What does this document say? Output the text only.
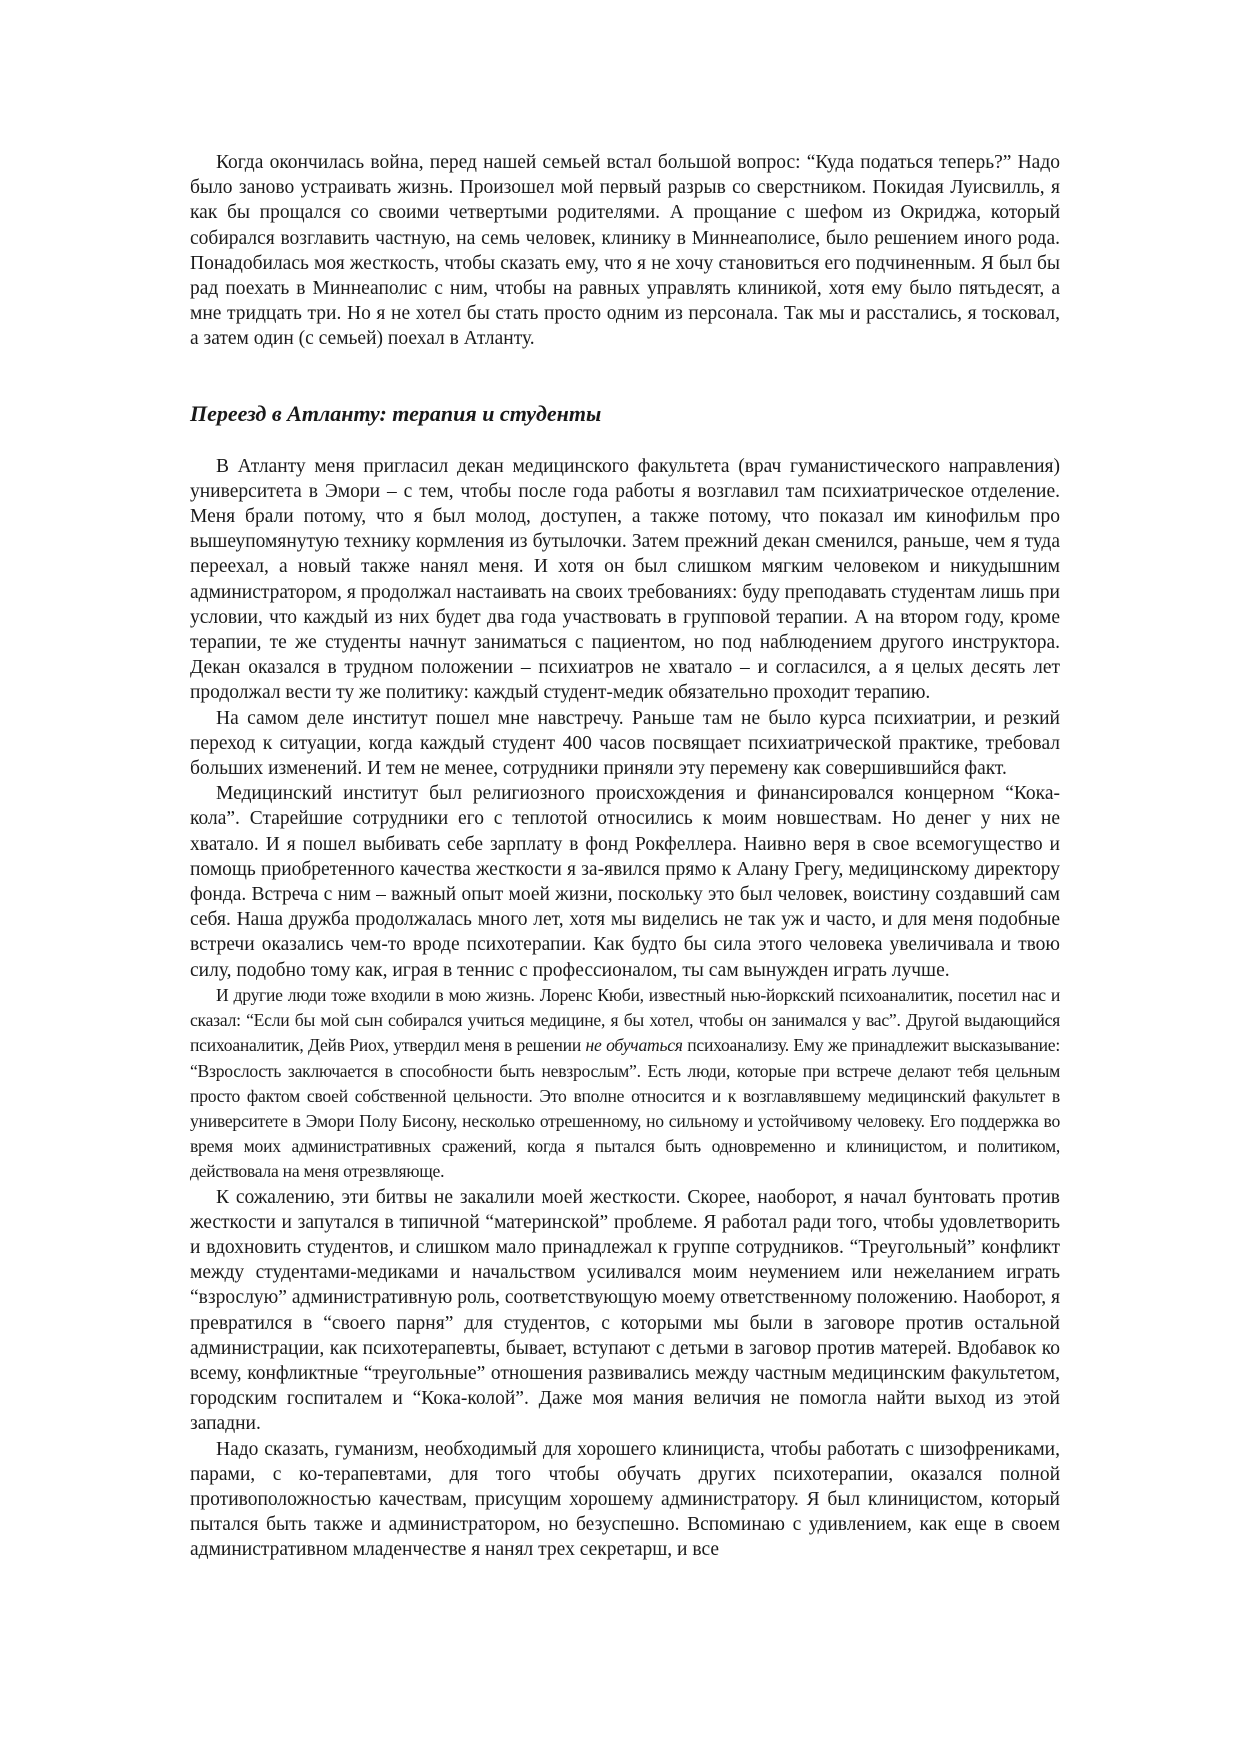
Когда окончилась война, перед нашей семьей встал большой вопрос: “Куда податься теперь?” Надо было заново устраивать жизнь. Произошел мой первый разрыв со сверстником. Покидая Луисвилль, я как бы прощался со своими четвертыми родителями. А прощание с шефом из Окриджа, который собирался возглавить частную, на семь человек, клинику в Миннеаполисе, было решением иного рода. Понадобилась моя жесткость, чтобы сказать ему, что я не хочу становиться его подчиненным. Я был бы рад поехать в Миннеаполис с ним, чтобы на равных управлять клиникой, хотя ему было пятьдесят, а мне тридцать три. Но я не хотел бы стать просто одним из персонала. Так мы и расстались, я тосковал, а затем один (с семьей) поехал в Атланту.

Переезд в Атланту: терапия и студенты

В Атланту меня пригласил декан медицинского факультета (врач гуманистического направления) университета в Эмори – с тем, чтобы после года работы я возглавил там психиатрическое отделение. Меня брали потому, что я был молод, доступен, а также потому, что показал им кинофильм про вышеупомянутую технику кормления из бутылочки. Затем прежний декан сменился, раньше, чем я туда переехал, а новый также нанял меня. И хотя он был слишком мягким человеком и никудышним администратором, я продолжал настаивать на своих требованиях: буду преподавать студентам лишь при условии, что каждый из них будет два года участвовать в групповой терапии. А на втором году, кроме терапии, те же студенты начнут заниматься с пациентом, но под наблюдением другого инструктора. Декан оказался в трудном положении – психиатров не хватало – и согласился, а я целых десять лет продолжал вести ту же политику: каждый студент-медик обязательно проходит терапию.

На самом деле институт пошел мне навстречу. Раньше там не было курса психиатрии, и резкий переход к ситуации, когда каждый студент 400 часов посвящает психиатрической практике, требовал больших изменений. И тем не менее, сотрудники приняли эту перемену как совершившийся факт.

Медицинский институт был религиозного происхождения и финансировался концерном “Кока-кола”. Старейшие сотрудники его с теплотой относились к моим новшествам. Но денег у них не хватало. И я пошел выбивать себе зарплату в фонд Рокфеллера. Наивно веря в свое всемогущество и помощь приобретенного качества жесткости я за-явился прямо к Алану Грегу, медицинскому директору фонда. Встреча с ним – важный опыт моей жизни, поскольку это был человек, воистину создавший сам себя. Наша дружба продолжалась много лет, хотя мы виделись не так уж и часто, и для меня подобные встречи оказались чем-то вроде психотерапии. Как будто бы сила этого человека увеличивала и твою силу, подобно тому как, играя в теннис с профессионалом, ты сам вынужден играть лучше.

И другие люди тоже входили в мою жизнь. Лоренс Кюби, известный нью-йоркский психоаналитик, посетил нас и сказал: “Если бы мой сын собирался учиться медицине, я бы хотел, чтобы он занимался у вас”. Другой выдающийся психоаналитик, Дейв Риох, утвердил меня в решении не обучаться психоанализу. Ему же принадлежит высказывание: “Взрослость заключается в способности быть невзрослым”. Есть люди, которые при встрече делают тебя цельным просто фактом своей собственной цельности. Это вполне относится и к возглавлявшему медицинский факультет в университете в Эмори Полу Бисону, несколько отрешенному, но сильному и устойчивому человеку. Его поддержка во время моих административных сражений, когда я пытался быть одновременно и клиницистом, и политиком, действовала на меня отрезвляюще.

К сожалению, эти битвы не закалили моей жесткости. Скорее, наоборот, я начал бунтовать против жесткости и запутался в типичной “материнской” проблеме. Я работал ради того, чтобы удовлетворить и вдохновить студентов, и слишком мало принадлежал к группе сотрудников. “Треугольный” конфликт между студентами-медиками и начальством усиливался моим неумением или нежеланием играть “взрослую” административную роль, соответствующую моему ответственному положению. Наоборот, я превратился в “своего парня” для студентов, с которыми мы были в заговоре против остальной администрации, как психотерапевты, бывает, вступают с детьми в заговор против матерей. Вдобавок ко всему, конфликтные “треугольные” отношения развивались между частным медицинским факультетом, городским госпиталем и “Кока-колой”. Даже моя мания величия не помогла найти выход из этой западни.

Надо сказать, гуманизм, необходимый для хорошего клинициста, чтобы работать с шизофрениками, парами, с ко-терапевтами, для того чтобы обучать других психотерапии, оказался полной противоположностью качествам, присущим хорошему администратору. Я был клиницистом, который пытался быть также и администратором, но безуспешно. Вспоминаю с удивлением, как еще в своем административном младенчестве я нанял трех секретарш, и все
